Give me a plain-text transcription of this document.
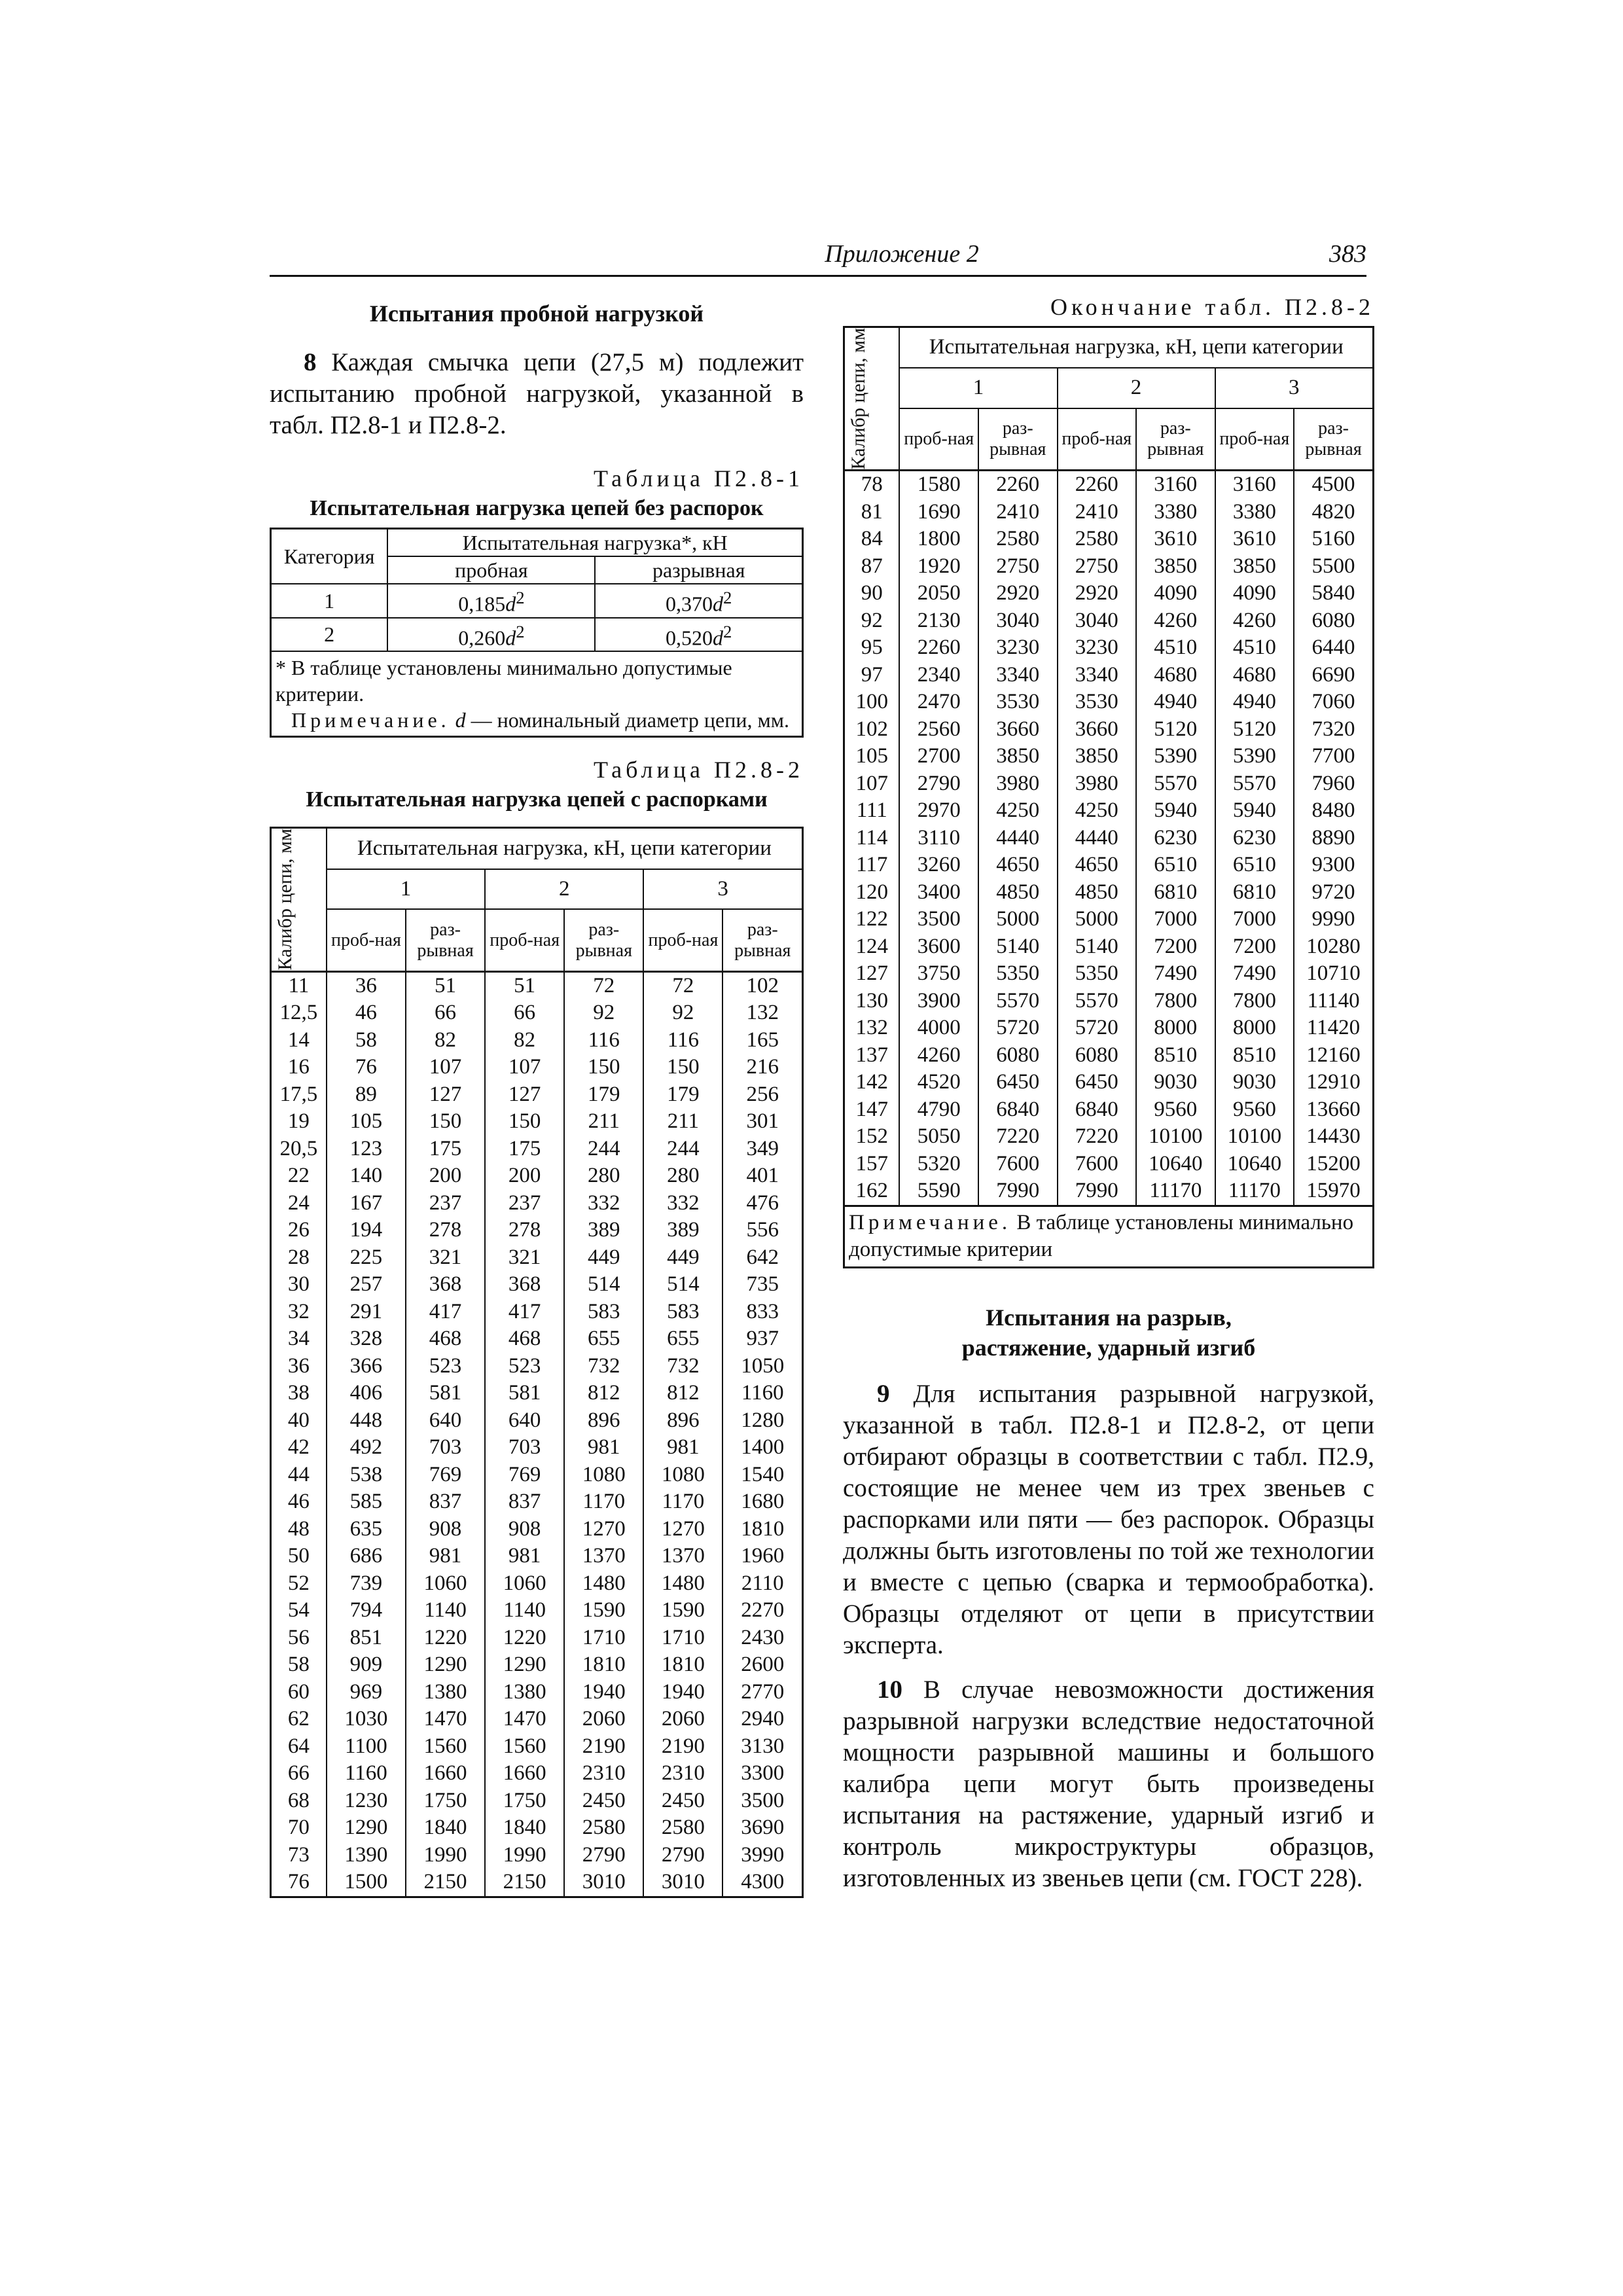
Приложение 2	383
Испытания пробной нагрузкой

8 Каждая смычка цепи (27,5 м) подлежит испытанию пробной нагрузкой, указанной в табл. П2.8-1 и П2.8-2.

Таблица П2.8-1
Испытательная нагрузка цепей без распорок
Категория	Испытательная нагрузка*, кН	
	пробная	разрывная
1	$0,185d^2$	$0,370d^2$
2	$0,260d^2$	$0,520d^2$

* В таблице установлены минимально допустимые критерии.
Примечание. d — номинальный диаметр цепи, мм.		
Таблица П2.8-2
Испытательная нагрузка цепей с распорками
Калибр цепи, мм	Испытательная нагрузка, кН, цепи категории					
	1		2		3	
	проб-ная	раз-рывная	проб-ная	раз-рывная	проб-ная	раз-рывная
11	36	51	51	72	72	102
12,5	46	66	66	92	92	132
14	58	82	82	116	116	165
16	76	107	107	150	150	216
17,5	89	127	127	179	179	256
19	105	150	150	211	211	301
20,5	123	175	175	244	244	349
22	140	200	200	280	280	401
24	167	237	237	332	332	476
26	194	278	278	389	389	556
28	225	321	321	449	449	642
30	257	368	368	514	514	735
32	291	417	417	583	583	833
34	328	468	468	655	655	937
36	366	523	523	732	732	1050
38	406	581	581	812	812	1160
40	448	640	640	896	896	1280
42	492	703	703	981	981	1400
44	538	769	769	1080	1080	1540
46	585	837	837	1170	1170	1680
48	635	908	908	1270	1270	1810
50	686	981	981	1370	1370	1960
52	739	1060	1060	1480	1480	2110
54	794	1140	1140	1590	1590	2270
56	851	1220	1220	1710	1710	2430
58	909	1290	1290	1810	1810	2600
60	969	1380	1380	1940	1940	2770
62	1030	1470	1470	2060	2060	2940
64	1100	1560	1560	2190	2190	3130
66	1160	1660	1660	2310	2310	3300
68	1230	1750	1750	2450	2450	3500
70	1290	1840	1840	2580	2580	3690
73	1390	1990	1990	2790	2790	3990
76	1500	2150	2150	3010	3010	4300
Окончание табл. П2.8-2
Калибр цепи, мм	Испытательная нагрузка, кН, цепи категории					
	1		2		3	
	проб-ная	раз-рывная	проб-ная	раз-рывная	проб-ная	раз-рывная
78	1580	2260	2260	3160	3160	4500
81	1690	2410	2410	3380	3380	4820
84	1800	2580	2580	3610	3610	5160
87	1920	2750	2750	3850	3850	5500
90	2050	2920	2920	4090	4090	5840
92	2130	3040	3040	4260	4260	6080
95	2260	3230	3230	4510	4510	6440
97	2340	3340	3340	4680	4680	6690
100	2470	3530	3530	4940	4940	7060
102	2560	3660	3660	5120	5120	7320
105	2700	3850	3850	5390	5390	7700
107	2790	3980	3980	5570	5570	7960
111	2970	4250	4250	5940	5940	8480
114	3110	4440	4440	6230	6230	8890
117	3260	4650	4650	6510	6510	9300
120	3400	4850	4850	6810	6810	9720
122	3500	5000	5000	7000	7000	9990
124	3600	5140	5140	7200	7200	10280
127	3750	5350	5350	7490	7490	10710
130	3900	5570	5570	7800	7800	11140
132	4000	5720	5720	8000	8000	11420
137	4260	6080	6080	8510	8510	12160
142	4520	6450	6450	9030	9030	12910
147	4790	6840	6840	9560	9560	13660
152	5050	7220	7220	10100	10100	14430
157	5320	7600	7600	10640	10640	15200
162	5590	7990	7990	11170	11170	15970
Примечание. В таблице установлены минимально допустимые критерии						
Испытания на разрыв,
растяжение, ударный изгиб

9 Для испытания разрывной нагрузкой, указанной в табл. П2.8-1 и П2.8-2, от цепи отбирают образцы в соответствии с табл. П2.9, состоящие не менее чем из трех звеньев с распорками или пяти — без распорок. Образцы должны быть изготовлены по той же технологии и вместе с цепью (сварка и термообработка). Образцы отделяют от цепи в присутствии эксперта.

10 В случае невозможности достижения разрывной нагрузки вследствие недостаточной мощности разрывной машины и большого калибра цепи могут быть произведены испытания на растяжение, ударный изгиб и контроль микроструктуры образцов, изготовленных из звеньев цепи (см. ГОСТ 228).
